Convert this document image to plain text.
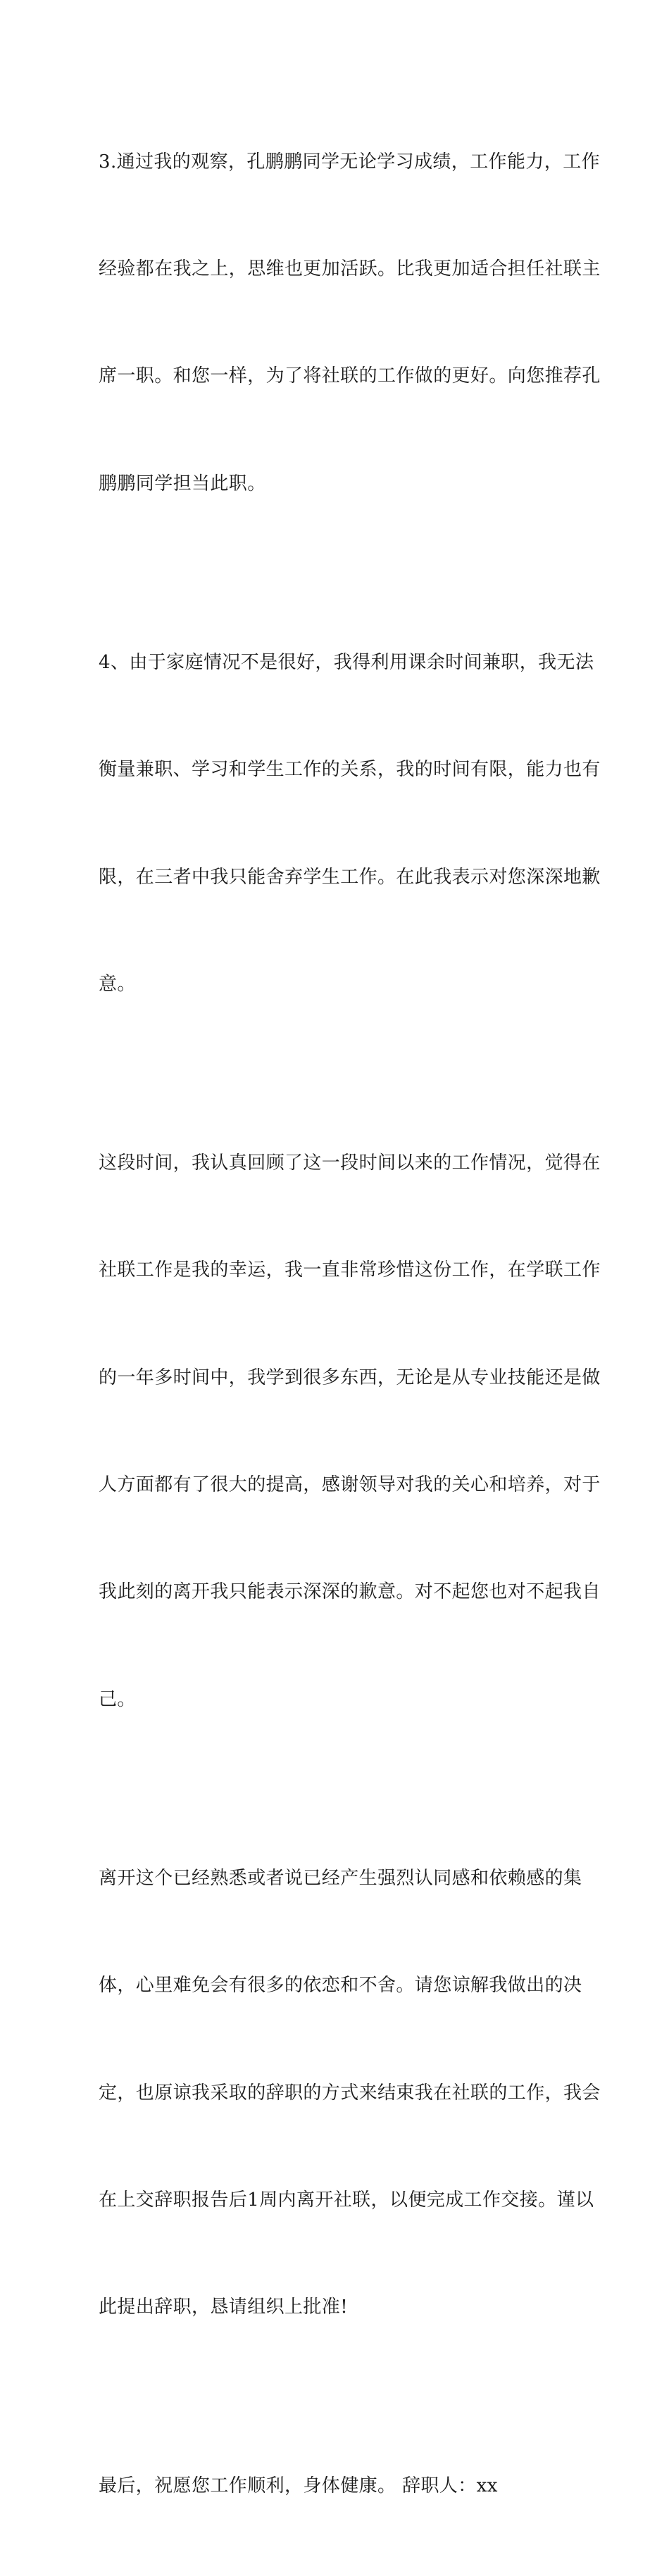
3.通过我的观察，孔鹏鹏同学无论学习成绩，工作能力，工作

经验都在我之上，思维也更加活跃。比我更加适合担任社联主

席一职。和您一样，为了将社联的工作做的更好。向您推荐孔

鹏鹏同学担当此职。

4、由于家庭情况不是很好，我得利用课余时间兼职，我无法

衡量兼职、学习和学生工作的关系，我的时间有限，能力也有

限，在三者中我只能舍弃学生工作。在此我表示对您深深地歉

意。

这段时间，我认真回顾了这一段时间以来的工作情况，觉得在

社联工作是我的幸运，我一直非常珍惜这份工作，在学联工作

的一年多时间中，我学到很多东西，无论是从专业技能还是做

人方面都有了很大的提高，感谢领导对我的关心和培养，对于

我此刻的离开我只能表示深深的歉意。对不起您也对不起我自

己。

离开这个已经熟悉或者说已经产生强烈认同感和依赖感的集

体，心里难免会有很多的依恋和不舍。请您谅解我做出的决

定，也原谅我采取的辞职的方式来结束我在社联的工作，我会

在上交辞职报告后1周内离开社联，以便完成工作交接。谨以

此提出辞职，恳请组织上批准!

最后，祝愿您工作顺利，身体健康。 辞职人：xx
